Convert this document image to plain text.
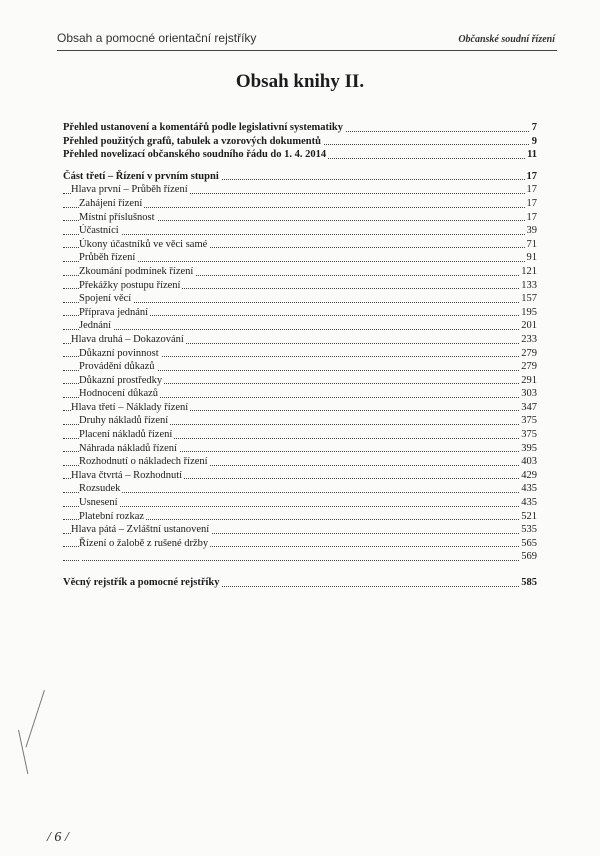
Obsah a pomocné orientační rejstříky	Občanské soudní řízení
Obsah knihy II.
Přehled ustanovení a komentářů podle legislativní systematiky	7
Přehled použitých grafů, tabulek a vzorových dokumentů	9
Přehled novelizací občanského soudního řádu do 1. 4. 2014	11
Část třetí – Řízení v prvním stupni	17
Hlava první – Průběh řízení	17
Zahájení řízení	17
Místní příslušnost	17
Účastníci	39
Úkony účastníků ve věci samé	71
Průběh řízení	91
Zkoumání podmínek řízení	121
Překážky postupu řízení	133
Spojení věcí	157
Příprava jednání	195
Jednání	201
Hlava druhá – Dokazování	233
Důkazní povinnost	279
Provádění důkazů	279
Důkazní prostředky	291
Hodnocení důkazů	303
Hlava třetí – Náklady řízení	347
Druhy nákladů řízení	375
Placení nákladů řízení	375
Náhrada nákladů řízení	395
Rozhodnutí o nákladech řízení	403
Hlava čtvrtá – Rozhodnutí	429
Rozsudek	435
Usnesení	435
Platební rozkaz	521
Hlava pátá – Zvláštní ustanovení	535
Řízení o žalobě z rušené držby	565
569
Věcný rejstřík a pomocné rejstříky	585
/ 6 /
